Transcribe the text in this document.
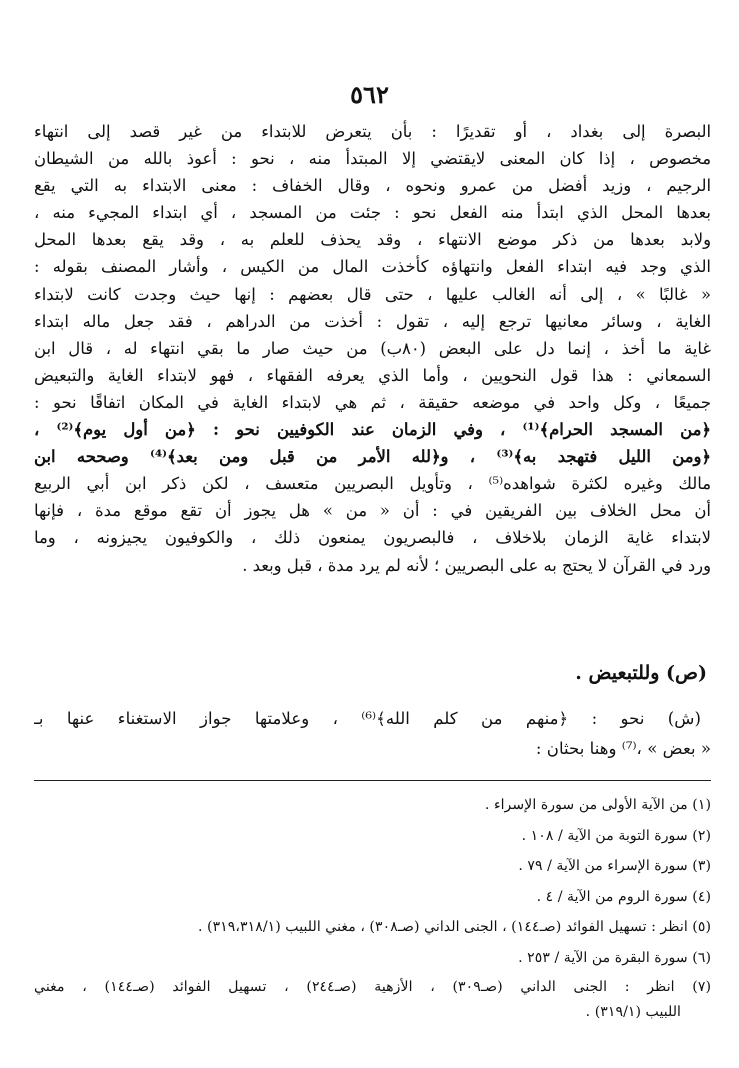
٥٦٢
البصرة إلى بغداد ، أو تقديرًا : بأن يتعرض للابتداء من غير قصد إلى انتهاء
مخصوص ، إذا كان المعنى لايقتضي إلا المبتدأ منه ، نحو : أعوذ بالله من الشيطان
الرجيم ، وزيد أفضل من عمرو ونحوه ، وقال الخفاف : معنى الابتداء به التي يقع
بعدها المحل الذي ابتدأ منه الفعل نحو : جئت من المسجد ، أي ابتداء المجيء منه ،
ولابد بعدها من ذكر موضع الانتهاء ، وقد يحذف للعلم به ، وقد يقع بعدها المحل
الذي وجد فيه ابتداء الفعل وانتهاؤه كأخذت المال من الكيس ، وأشار المصنف بقوله :
« غالبًا » ، إلى أنه الغالب عليها ، حتى قال بعضهم : إنها حيث وجدت كانت لابتداء
الغاية ، وسائر معانيها ترجع إليه ، تقول : أخذت من الدراهم ، فقد جعل ماله ابتداء
غاية ما أخذ ، إنما دل على البعض (٨٠ب) من حيث صار ما بقي انتهاء له ، قال ابن
السمعاني : هذا قول النحويين ، وأما الذي يعرفه الفقهاء ، فهو لابتداء الغاية والتبعيض
جميعًا ، وكل واحد في موضعه حقيقة ، ثم هي لابتداء الغاية في المكان اتفاقًا نحو :
﴿من المسجد الحرام﴾⁽¹⁾ ، وفي الزمان عند الكوفيين نحو : ﴿من أول يوم﴾⁽²⁾ ،
﴿ومن الليل فتهجد به﴾⁽³⁾ ، و﴿لله الأمر من قبل ومن بعد﴾⁽⁴⁾ وصححه ابن
مالك وغيره لكثرة شواهده⁽⁵⁾ ، وتأويل البصريين متعسف ، لكن ذكر ابن أبي الربيع
أن محل الخلاف بين الفريقين في : أن « من » هل يجوز أن تقع موقع مدة ، فإنها
لابتداء غاية الزمان بلاخلاف ، فالبصريون يمنعون ذلك ، والكوفيون يجيزونه ، وما
ورد في القرآن لا يحتج به على البصريين ؛ لأنه لم يرد مدة ، قبل وبعد .
(ص) وللتبعيض .
(ش) نحو : ﴿منهم من كلم الله﴾⁽⁶⁾ ، وعلامتها جواز الاستغناء عنها بـ
« بعض » ،⁽⁷⁾ وهنا بحثان :
(١) من الآية الأولى من سورة الإسراء .
(٢) سورة التوبة من الآية / ١٠٨ .
(٣) سورة الإسراء من الآية / ٧٩ .
(٤) سورة الروم من الآية / ٤ .
(٥) انظر : تسهيل الفوائد (صـ١٤٤) ، الجنى الداني (صـ٣٠٨) ، مغني اللبيب (٣١٩،٣١٨/١) .
(٦) سورة البقرة من الآية / ٢٥٣ .
(٧) انظر : الجنى الداني (صـ٣٠٩) ، الأزهية (صـ٢٤٤) ، تسهيل الفوائد (صـ١٤٤) ، مغني
اللبيب (٣١٩/١) .
